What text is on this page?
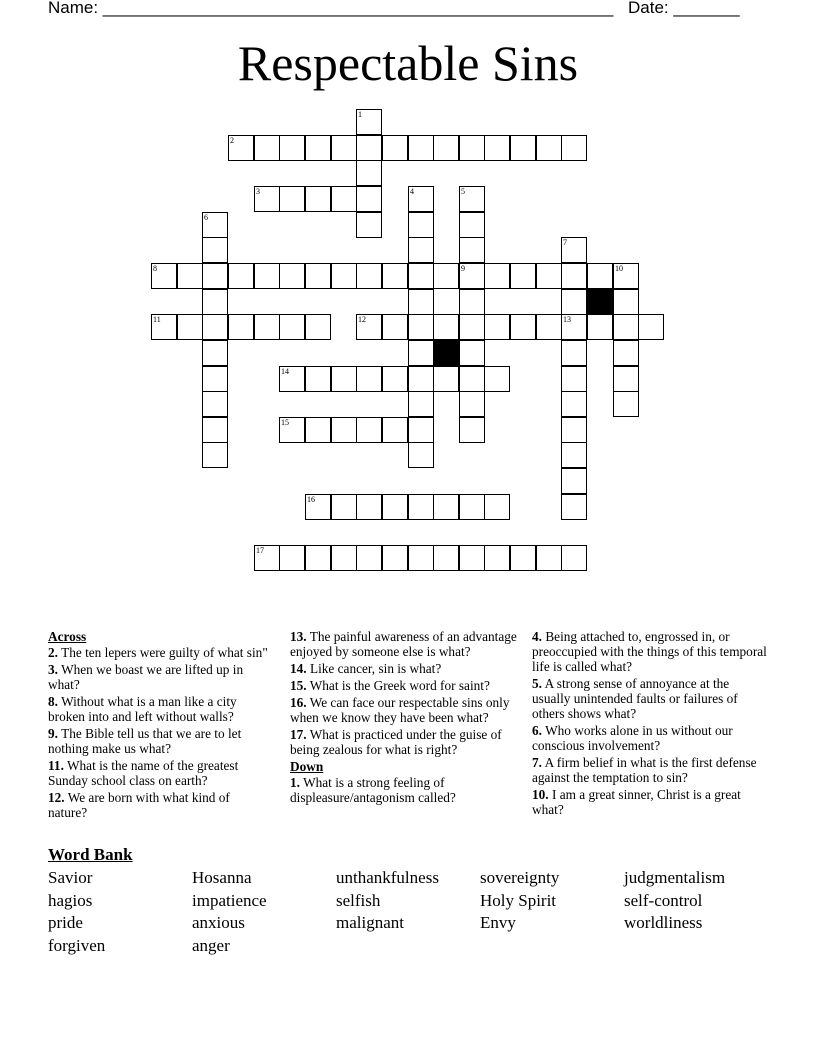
Name: ______________________________________________________ Date: _______
Respectable Sins
2
3
8	9	10
11	12	13
14
15
16
17
1
4	5
6
7
Across
2. The ten lepers were guilty of what sin"
3. When we boast we are lifted up in what?
8. Without what is a man like a city broken into and left without walls?
9. The Bible tell us that we are to let nothing make us what?
11. What is the name of the greatest Sunday school class on earth?
12. We are born with what kind of nature?
13. The painful awareness of an advantage enjoyed by someone else is what?
14. Like cancer, sin is what?
15. What is the Greek word for saint?
16. We can face our respectable sins only when we know they have been what?
17. What is practiced under the guise of being zealous for what is right?
Down
1. What is a strong feeling of displeasure/antagonism called?
4. Being attached to, engrossed in, or preoccupied with the things of this temporal life is called what?
5. A strong sense of annoyance at the usually unintended faults or failures of others shows what?
6. Who works alone in us without our conscious involvement?
7. A firm belief in what is the first defense against the temptation to sin?
10. I am a great sinner, Christ is a great what?
Word Bank
Savior
hagios
pride
forgiven
Hosanna
impatience
anxious
anger
unthankfulness
selfish
malignant
sovereignty
Holy Spirit
Envy
judgmentalism
self-control
worldliness
